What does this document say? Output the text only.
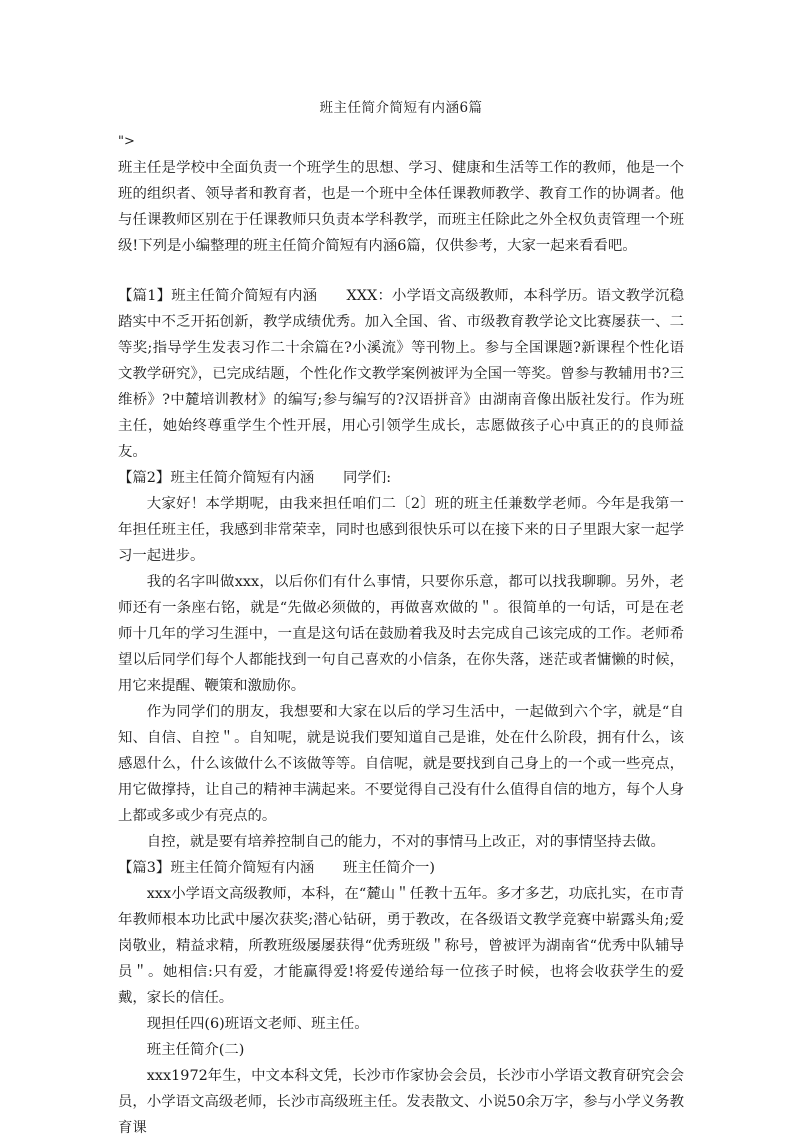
班主任简介简短有内涵6篇
">

班主任是学校中全面负责一个班学生的思想、学习、健康和生活等工作的教师，他是一个班的组织者、领导者和教育者，也是一个班中全体任课教师教学、教育工作的协调者。他与任课教师区别在于任课教师只负责本学科教学，而班主任除此之外全权负责管理一个班级!下列是小编整理的班主任简介简短有内涵6篇，仅供参考，大家一起来看看吧。

【篇1】班主任简介简短有内涵　　XXX：小学语文高级教师，本科学历。语文教学沉稳踏实中不乏开拓创新，教学成绩优秀。加入全国、省、市级教育教学论文比赛屡获一、二等奖;指导学生发表习作二十余篇在?小溪流》等刊物上。参与全国课题?新课程个性化语文教学研究》，已完成结题，个性化作文教学案例被评为全国一等奖。曾参与教辅用书?三维桥》?中麓培训教材》的编写;参与编写的?汉语拼音》由湖南音像出版社发行。作为班主任，她始终尊重学生个性开展，用心引领学生成长，志愿做孩子心中真正的的良师益友。

【篇2】班主任简介简短有内涵　　同学们:

大家好！本学期呢，由我来担任咱们二〔2〕班的班主任兼数学老师。今年是我第一年担任班主任，我感到非常荣幸，同时也感到很快乐可以在接下来的日子里跟大家一起学习一起进步。

我的名字叫做xxx，以后你们有什么事情，只要你乐意，都可以找我聊聊。另外，老师还有一条座右铭，就是“先做必须做的，再做喜欢做的＂。很简单的一句话，可是在老师十几年的学习生涯中，一直是这句话在鼓励着我及时去完成自己该完成的工作。老师希望以后同学们每个人都能找到一句自己喜欢的小信条，在你失落，迷茫或者慵懒的时候，用它来提醒、鞭策和激励你。

作为同学们的朋友，我想要和大家在以后的学习生活中，一起做到六个字，就是“自知、自信、自控＂。自知呢，就是说我们要知道自己是谁，处在什么阶段，拥有什么，该感恩什么，什么该做什么不该做等等。自信呢，就是要找到自己身上的一个或一些亮点，用它做撑持，让自己的精神丰满起来。不要觉得自己没有什么值得自信的地方，每个人身上都或多或少有亮点的。

自控，就是要有培养控制自己的能力，不对的事情马上改正，对的事情坚持去做。

【篇3】班主任简介简短有内涵　　班主任简介一)

xxx小学语文高级教师，本科，在“麓山＂任教十五年。多才多艺，功底扎实，在市青年教师根本功比武中屡次获奖;潜心钻研，勇于教改，在各级语文教学竞赛中崭露头角;爱岗敬业，精益求精，所教班级屡屡获得“优秀班级＂称号，曾被评为湖南省“优秀中队辅导员＂。她相信:只有爱，才能赢得爱!将爱传递给每一位孩子时候，也将会收获学生的爱戴，家长的信任。

现担任四(6)班语文老师、班主任。

班主任简介(二)

xxx1972年生，中文本科文凭，长沙市作家协会会员，长沙市小学语文教育研究会会员，小学语文高级老师，长沙市高级班主任。发表散文、小说50余万字，参与小学义务教育课
